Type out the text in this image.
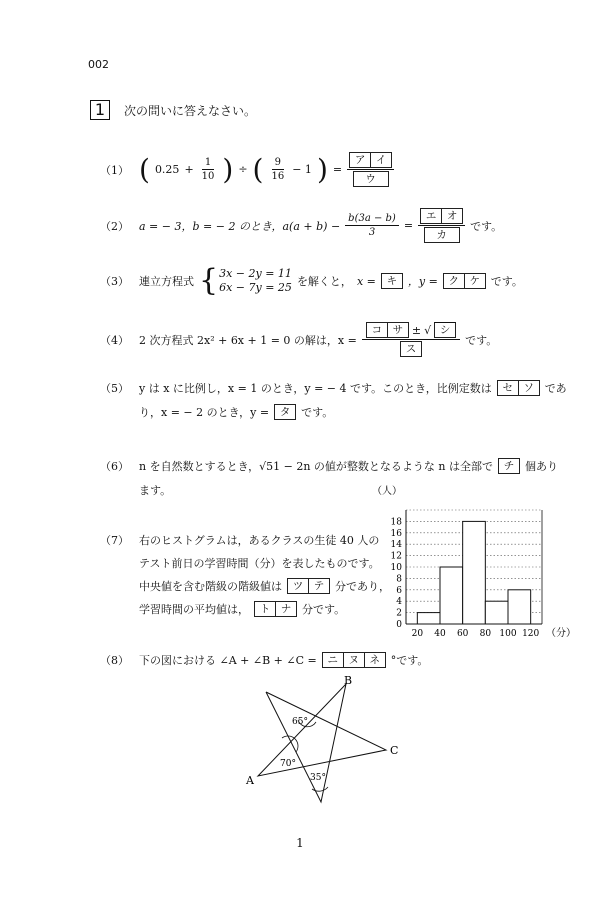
002
1	次の問いに答えなさい。
（1） ( $0.25 + \frac{1}{10}$ ) ÷ ( $\frac{9}{16} - 1$ ) = ア	イ
ウ
（2） a = − 3，b = − 2 のとき，$a(a + b) - \frac{b(3a - b)}{3}$ = エ	オ
カ です。
（3） 連立方程式 { 3x − 2y = 11
6x − 7y = 25 を解くと， x =	キ ，y =	ク	ケ です。
（4） 2 次方程式 2x² + 6x + 1 = 0 の解は，x = コ	サ ± √ シ
ス です。
（5） y は x に比例し，x = 1 のとき，y = − 4 です。このとき，比例定数は	セ	ソ であ
り，x = − 2 のとき，y =	タ です。
（6） n を自然数とするとき，√51 − 2n の値が整数となるような n は全部で	チ 個あり
ます。
（7） 右のヒストグラムは，あるクラスの生徒 40 人の
テスト前日の学習時間（分）を表したものです。
中央値を含む階級の階級値は	ツ	テ 分であり，
学習時間の平均値は，	ト	ナ 分です。
0
2
4
6
8
10
12
14
16
18
20 40 60 80 100 120
（人）
（分）
（8） 下の図における ∠A + ∠B + ∠C =	ニ	ヌ	ネ °です。
B
C
A
65°
70°
35°
1
